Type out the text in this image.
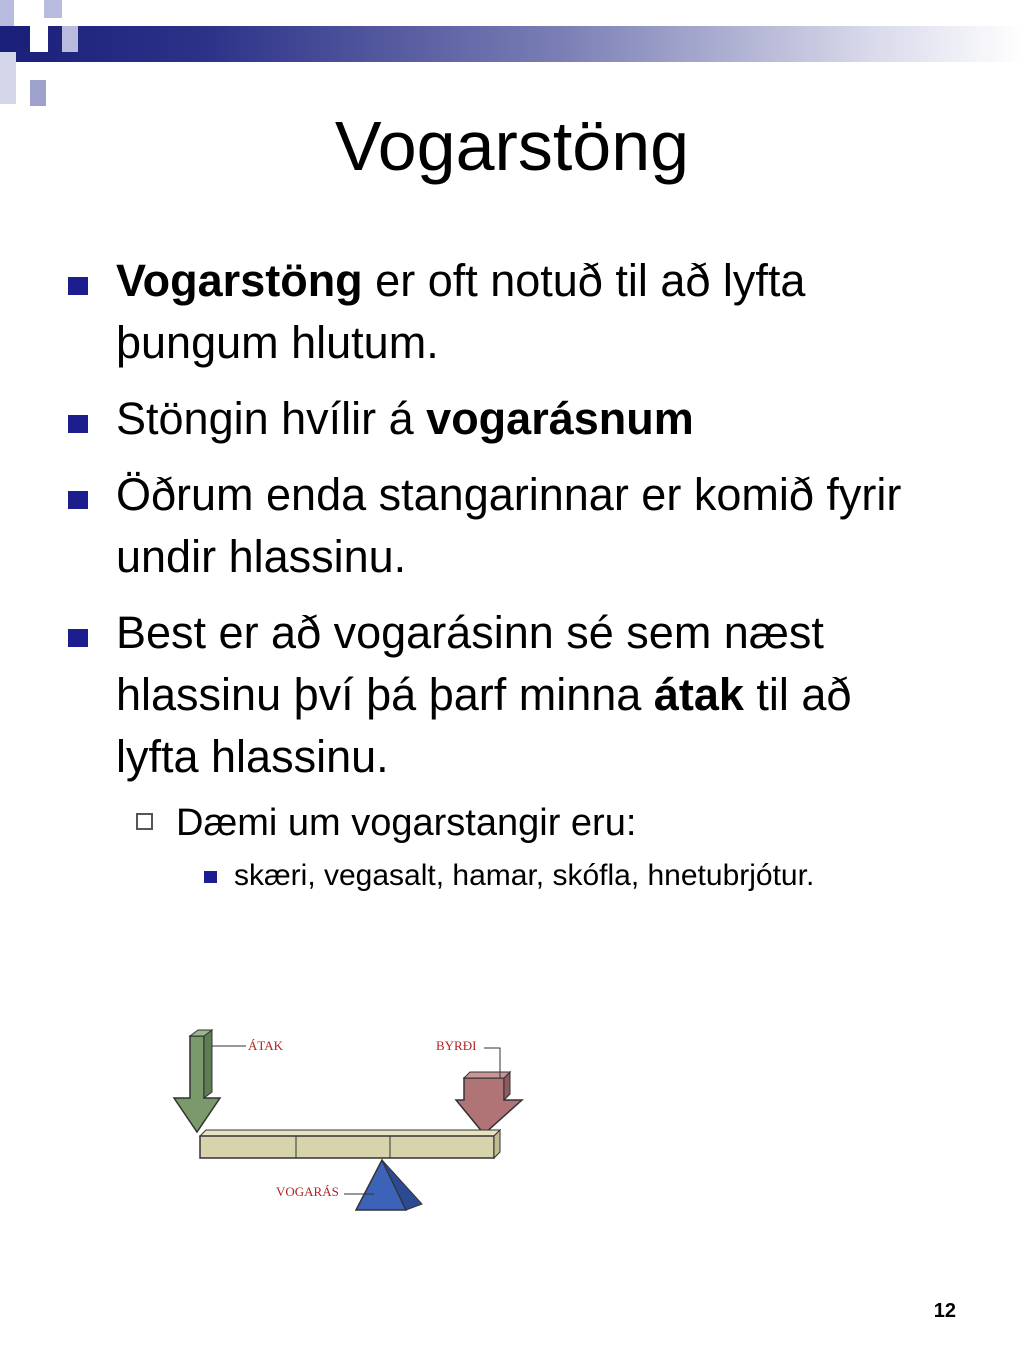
Vogarstöng
Vogarstöng er oft notuð til að lyfta þungum hlutum.
Stöngin hvílir á vogarásnum
Öðrum enda stangarinnar er komið fyrir undir hlassinu.
Best er að vogarásinn sé sem næst hlassinu því þá þarf minna átak til að lyfta hlassinu.
Dæmi um vogarstangir eru:
skæri, vegasalt, hamar, skófla, hnetubrjótur.
ÁTAK	BYRÐI
VOGARÁS
12
